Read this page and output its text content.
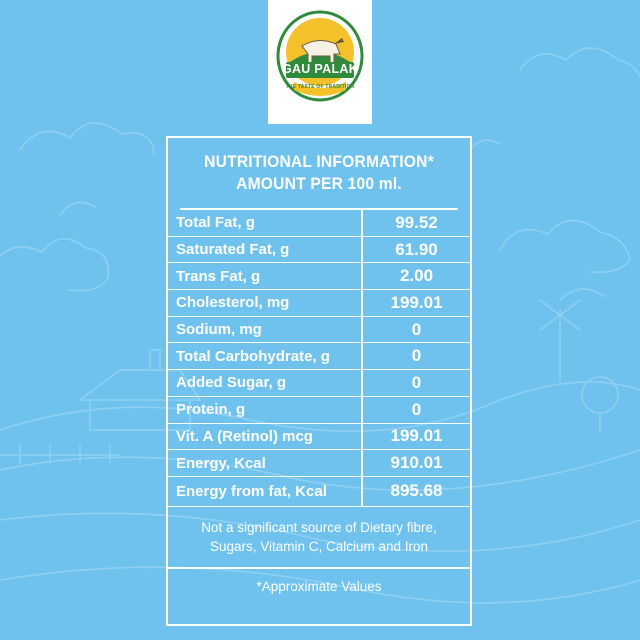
GAU PALAK
THE TASTE OF TRADITION
NUTRITIONAL INFORMATION*
AMOUNT PER 100 ml.
Total Fat, g	99.52
Saturated Fat, g	61.90
Trans Fat, g	2.00
Cholesterol, mg	199.01
Sodium, mg	0
Total Carbohydrate, g	0
Added Sugar, g	0
Protein, g	0
Vit. A (Retinol) mcg	199.01
Energy, Kcal	910.01
Energy from fat, Kcal	895.68
Not a significant source of Dietary fibre,
Sugars, Vitamin C, Calcium and Iron
*Approximate Values
